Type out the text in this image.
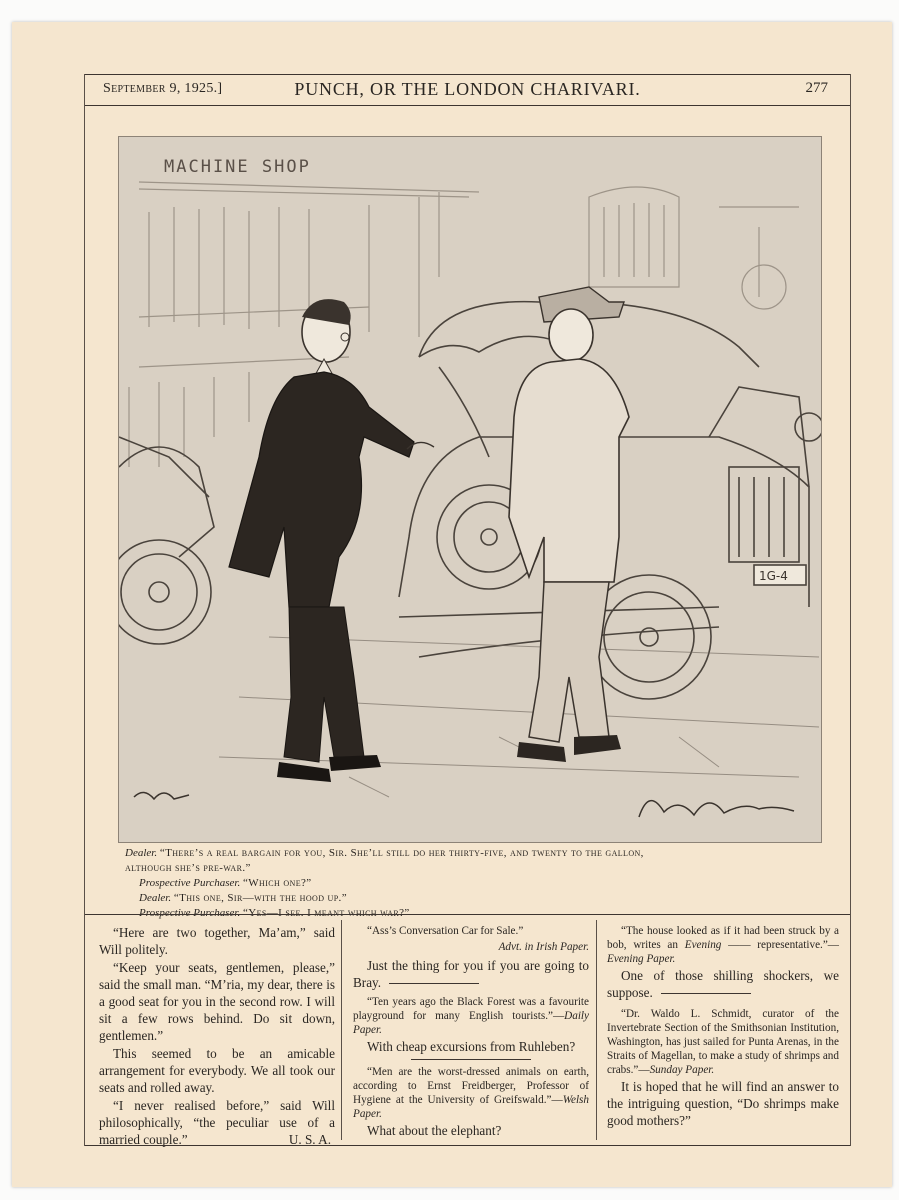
September 9, 1925.]	PUNCH, OR THE LONDON CHARIVARI.	277
MACHINE SHOP
1G-4
Dealer. “There’s a real bargain for you, Sir. She’ll still do her thirty-five, and twenty to the gallon,
although she’s pre-war.”
Prospective Purchaser. “Which one?”
Dealer. “This one, Sir—with the hood up.”
Prospective Purchaser. “Yes—I see. I meant which war?”

“Here are two together, Ma’am,” said Will politely.

“Keep your seats, gentlemen, please,” said the small man. “M’ria, my dear, there is a good seat for you in the second row. I will sit a few rows behind. Do sit down, gentlemen.”

This seemed to be an amicable arrangement for everybody. We all took our seats and rolled away.

“I never realised before,” said Will philosophically, “the peculiar use of a married couple.”	U. S. A.

“Ass’s Conversation Car for Sale.”

Advt. in Irish Paper.

Just the thing for you if you are going to Bray.

“Ten years ago the Black Forest was a favourite playground for many English tourists.”—Daily Paper.

With cheap excursions from Ruhleben?

“Men are the worst-dressed animals on earth, according to Ernst Freidberger, Professor of Hygiene at the University of Greifswald.”—Welsh Paper.

What about the elephant?

“The house looked as if it had been struck by a bob, writes an Evening —— representative.”—Evening Paper.

One of those shilling shockers, we suppose.

“Dr. Waldo L. Schmidt, curator of the Invertebrate Section of the Smithsonian Institution, Washington, has just sailed for Punta Arenas, in the Straits of Magellan, to make a study of shrimps and crabs.”—Sunday Paper.

It is hoped that he will find an answer to the intriguing question, “Do shrimps make good mothers?”
